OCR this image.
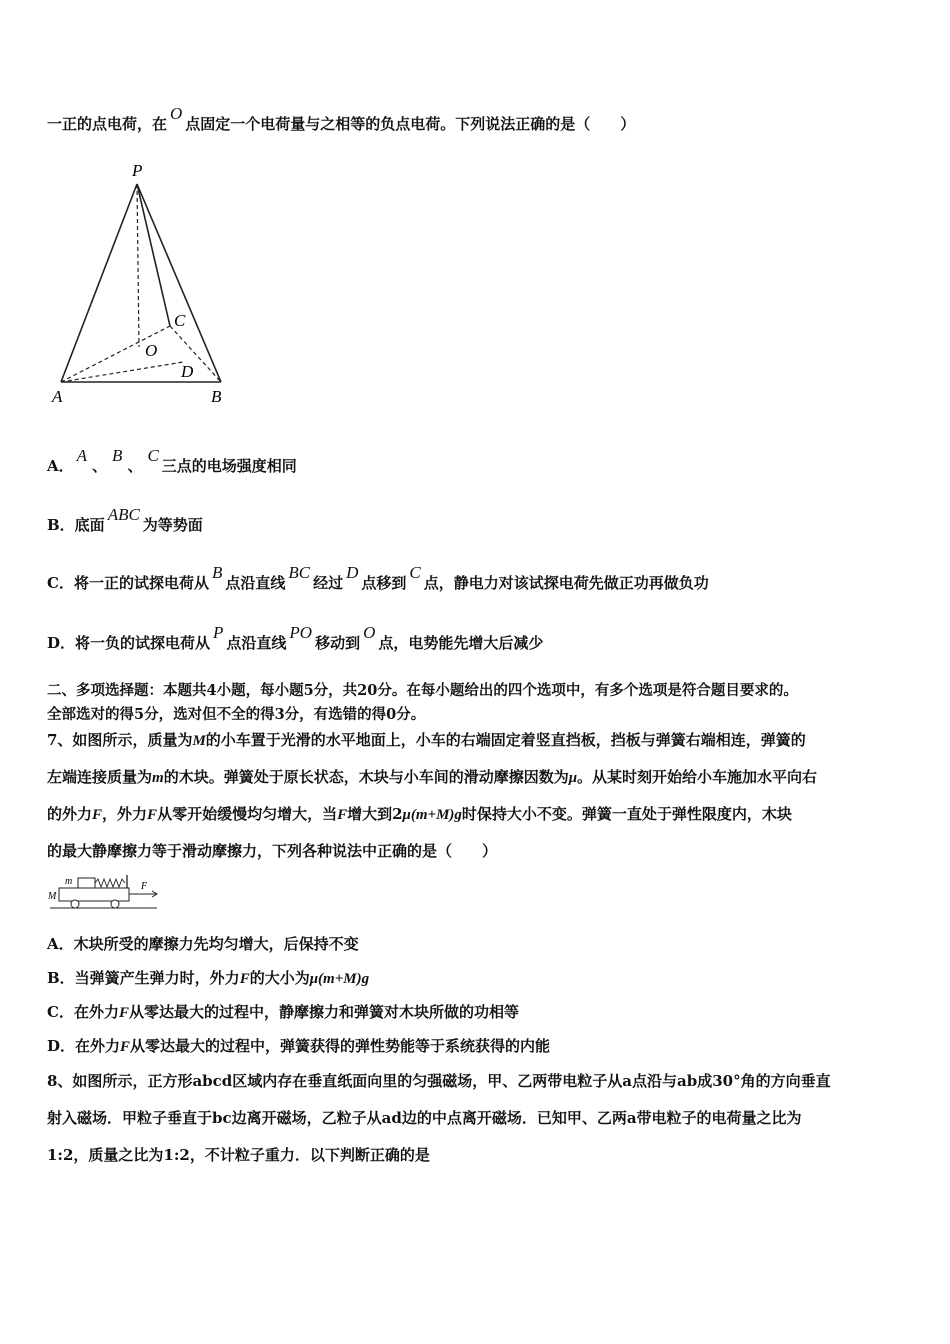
一正的点电荷，在O点固定一个电荷量与之相等的负点电荷。下列说法正确的是（　　）
P
C
O
D
A	B
A．A、B、C三点的电场强度相同
B．底面ABC为等势面
C．将一正的试探电荷从B点沿直线BC经过D点移到C点，静电力对该试探电荷先做正功再做负功
D．将一负的试探电荷从P点沿直线PO移动到O点，电势能先增大后减少
二、多项选择题：本题共4小题，每小题5分，共20分。在每小题给出的四个选项中，有多个选项是符合题目要求的。
全部选对的得5分，选对但不全的得3分，有选错的得0分。
7、如图所示，质量为M的小车置于光滑的水平地面上，小车的右端固定着竖直挡板，挡板与弹簧右端相连，弹簧的
左端连接质量为m的木块。弹簧处于原长状态，木块与小车间的滑动摩擦因数为μ。从某时刻开始给小车施加水平向右
的外力F，外力F从零开始缓慢均匀增大，当F增大到2μ(m+M)g时保持大小不变。弹簧一直处于弹性限度内，木块
的最大静摩擦力等于滑动摩擦力，下列各种说法中正确的是（　　）
m
M
F
A．木块所受的摩擦力先均匀增大，后保持不变
B．当弹簧产生弹力时，外力F的大小为μ(m+M)g
C．在外力F从零达最大的过程中，静摩擦力和弹簧对木块所做的功相等
D．在外力F从零达最大的过程中，弹簧获得的弹性势能等于系统获得的内能
8、如图所示，正方形abcd区域内存在垂直纸面向里的匀强磁场，甲、乙两带电粒子从a点沿与ab成30°角的方向垂直
射入磁场．甲粒子垂直于bc边离开磁场，乙粒子从ad边的中点离开磁场．已知甲、乙两a带电粒子的电荷量之比为
1:2，质量之比为1:2，不计粒子重力．以下判断正确的是
